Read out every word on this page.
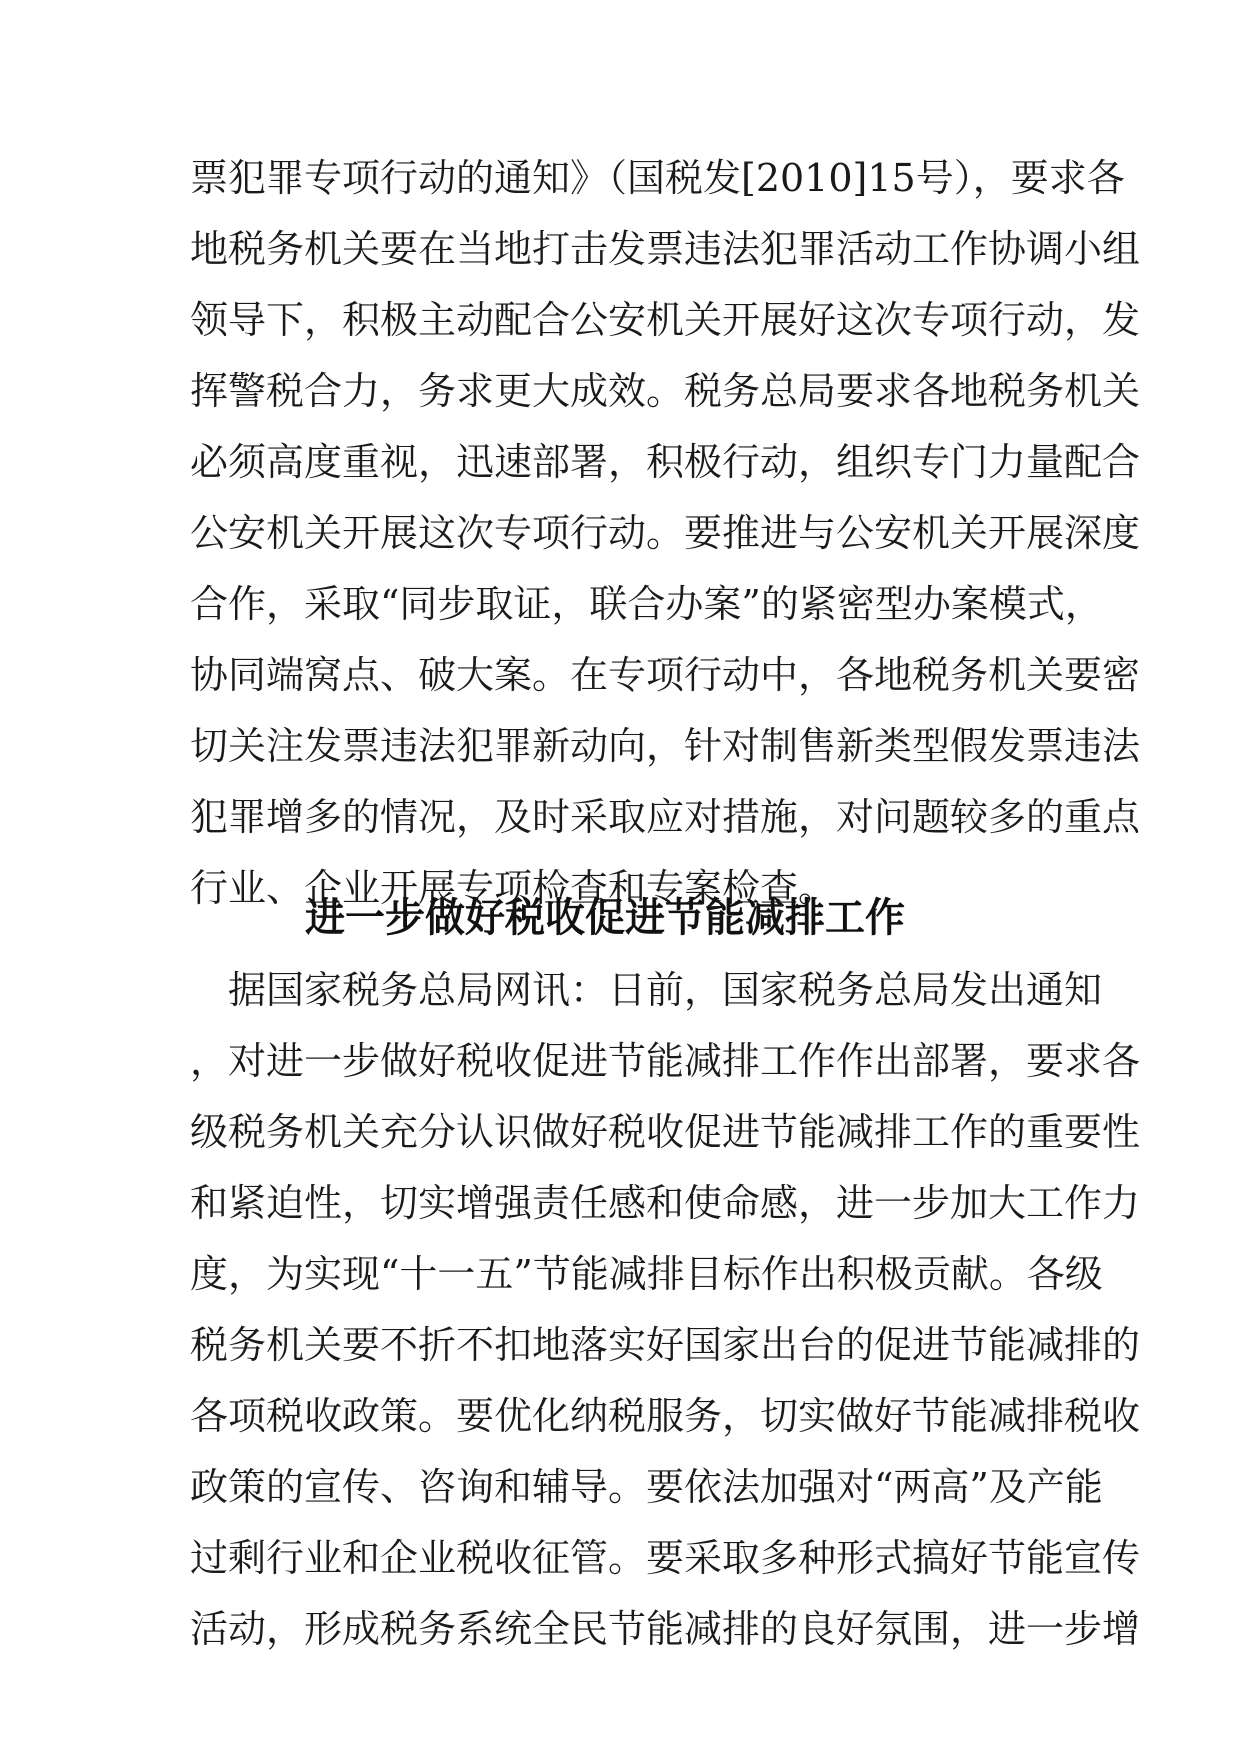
票犯罪专项行动的通知》（国税发[2010]15号），要求各
地税务机关要在当地打击发票违法犯罪活动工作协调小组
领导下，积极主动配合公安机关开展好这次专项行动，发
挥警税合力，务求更大成效。税务总局要求各地税务机关
必须高度重视，迅速部署，积极行动，组织专门力量配合
公安机关开展这次专项行动。要推进与公安机关开展深度
合作，采取“同步取证，联合办案”的紧密型办案模式，
协同端窝点、破大案。在专项行动中，各地税务机关要密
切关注发票违法犯罪新动向，针对制售新类型假发票违法
犯罪增多的情况，及时采取应对措施，对问题较多的重点
行业、企业开展专项检查和专案检查。
进一步做好税收促进节能减排工作
　据国家税务总局网讯：日前，国家税务总局发出通知
，对进一步做好税收促进节能减排工作作出部署，要求各
级税务机关充分认识做好税收促进节能减排工作的重要性
和紧迫性，切实增强责任感和使命感，进一步加大工作力
度，为实现“十一五”节能减排目标作出积极贡献。各级
税务机关要不折不扣地落实好国家出台的促进节能减排的
各项税收政策。要优化纳税服务，切实做好节能减排税收
政策的宣传、咨询和辅导。要依法加强对“两高”及产能
过剩行业和企业税收征管。要采取多种形式搞好节能宣传
活动，形成税务系统全民节能减排的良好氛围，进一步增
